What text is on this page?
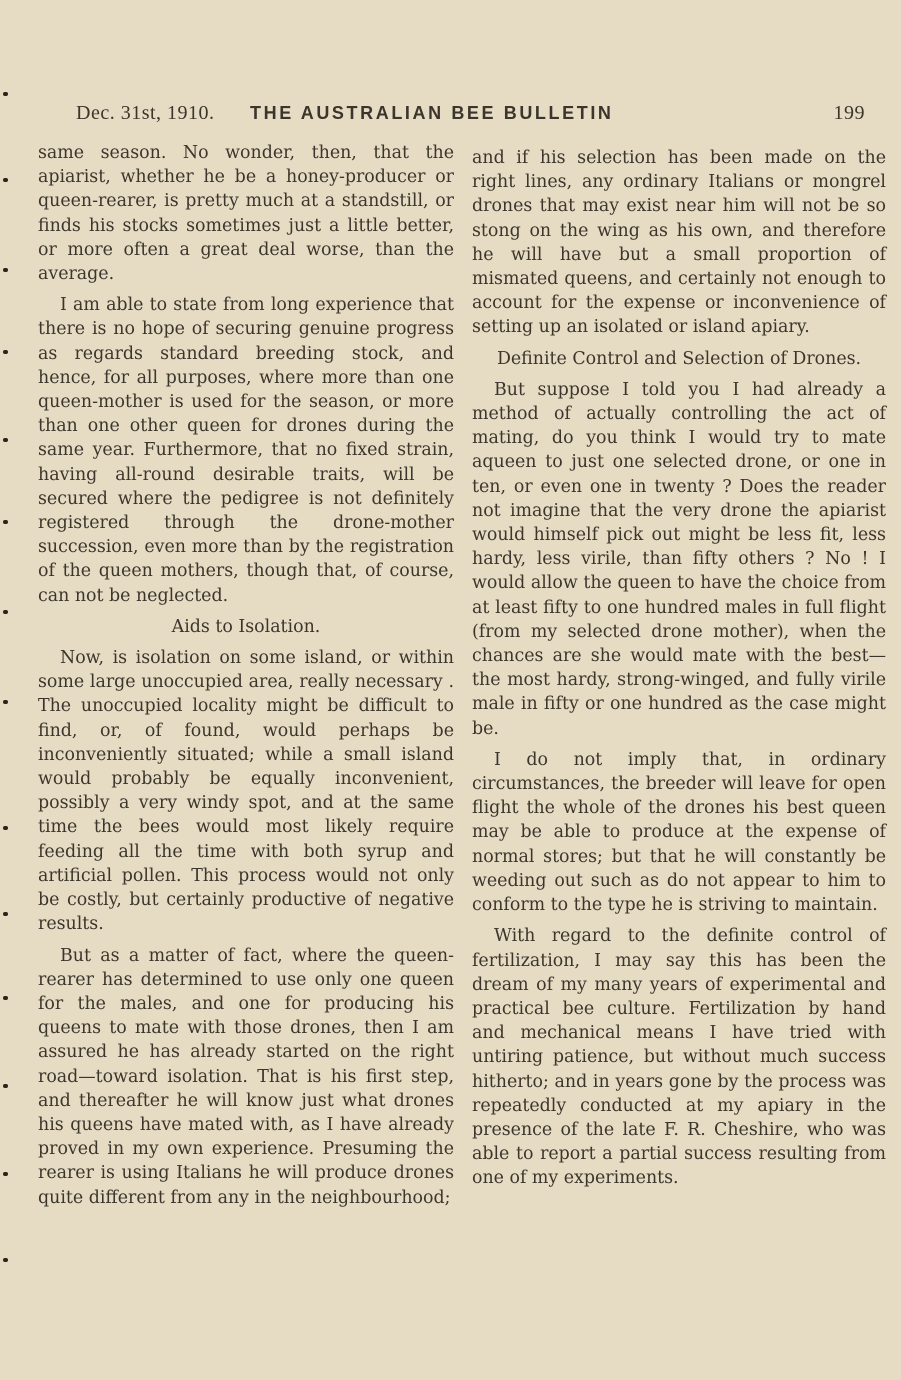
Dec. 31st, 1910. THE AUSTRALIAN BEE BULLETIN	199

same season. No wonder, then, that the apiarist, whether he be a honey-producer or queen-rearer, is pretty much at a standstill, or finds his stocks sometimes just a little better, or more often a great deal worse, than the average.

I am able to state from long experience that there is no hope of securing genuine progress as regards standard breeding stock, and hence, for all purposes, where more than one queen-mother is used for the season, or more than one other queen for drones during the same year. Furthermore, that no fixed strain, having all-round desirable traits, will be secured where the pedigree is not definitely registered through the drone-mother succession, even more than by the registration of the queen mothers, though that, of course, can not be neglected.

Aids to Isolation.

Now, is isolation on some island, or within some large unoccupied area, really necessary . The unoccupied locality might be difficult to find, or, of found, would perhaps be inconveniently situated; while a small island would probably be equally inconvenient, possibly a very windy spot, and at the same time the bees would most likely require feeding all the time with both syrup and artificial pollen. This process would not only be costly, but certainly productive of negative results.

But as a matter of fact, where the queen-rearer has determined to use only one queen for the males, and one for producing his queens to mate with those drones, then I am assured he has already started on the right road—toward isolation. That is his first step, and thereafter he will know just what drones his queens have mated with, as I have already proved in my own experience. Presuming the rearer is using Italians he will produce drones quite different from any in the neighbourhood;

and if his selection has been made on the right lines, any ordinary Italians or mongrel drones that may exist near him will not be so stong on the wing as his own, and therefore he will have but a small proportion of mismated queens, and certainly not enough to account for the expense or inconvenience of setting up an isolated or island apiary.

Definite Control and Selection of Drones.

But suppose I told you I had already a method of actually controlling the act of mating, do you think I would try to mate aqueen to just one selected drone, or one in ten, or even one in twenty ? Does the reader not imagine that the very drone the apiarist would himself pick out might be less fit, less hardy, less virile, than fifty others ? No ! I would allow the queen to have the choice from at least fifty to one hundred males in full flight (from my selected drone mother), when the chances are she would mate with the best—the most hardy, strong-winged, and fully virile male in fifty or one hundred as the case might be.

I do not imply that, in ordinary circumstances, the breeder will leave for open flight the whole of the drones his best queen may be able to produce at the expense of normal stores; but that he will constantly be weeding out such as do not appear to him to conform to the type he is striving to maintain.

With regard to the definite control of fertilization, I may say this has been the dream of my many years of experimental and practical bee culture. Fertilization by hand and mechanical means I have tried with untiring patience, but without much success hitherto; and in years gone by the process was repeatedly conducted at my apiary in the presence of the late F. R. Cheshire, who was able to report a partial success resulting from one of my experiments.
